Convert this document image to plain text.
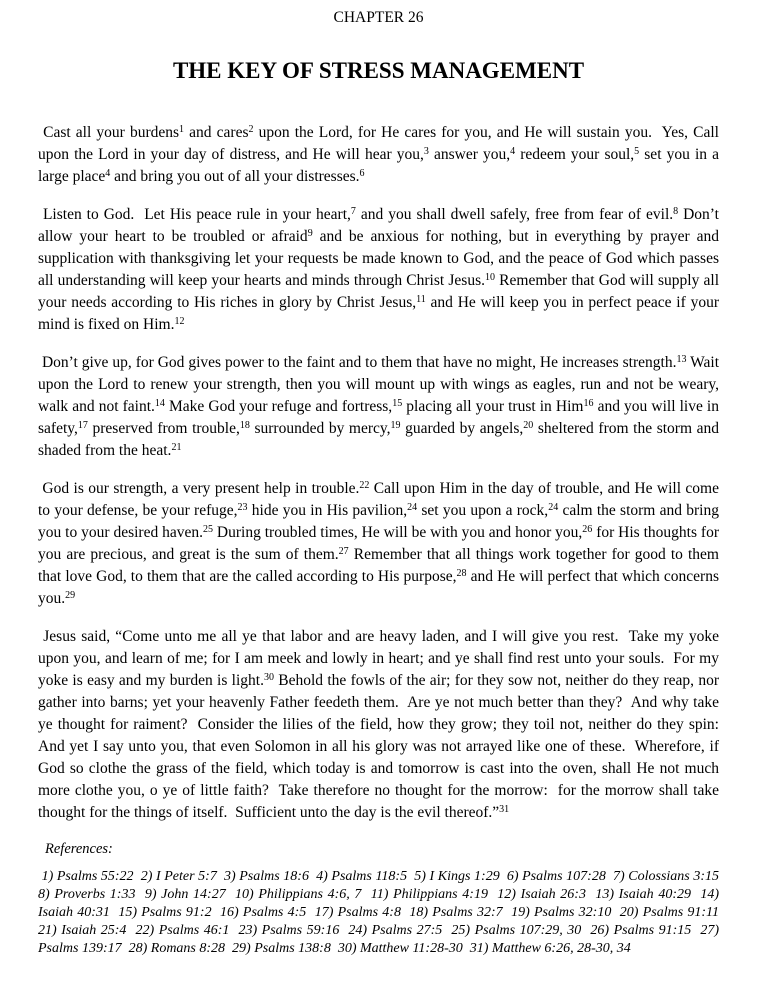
CHAPTER 26
THE KEY OF STRESS MANAGEMENT

Cast all your burdens$^1$ and cares$^2$ upon the Lord, for He cares for you, and He will sustain you.  Yes, Call upon the Lord in your day of distress, and He will hear you,$^3$ answer you,$^4$ redeem your soul,$^5$ set you in a large place$^4$ and bring you out of all your distresses.$^6$

Listen to God.  Let His peace rule in your heart,$^7$ and you shall dwell safely, free from fear of evil.$^8$ Don’t allow your heart to be troubled or afraid$^9$ and be anxious for nothing, but in everything by prayer and supplication with thanksgiving let your requests be made known to God, and the peace of God which passes all understanding will keep your hearts and minds through Christ Jesus.$^{10}$ Remember that God will supply all  your needs according to His riches in glory by Christ Jesus,$^{11}$ and He will keep you in perfect peace if your mind is fixed on Him.$^{12}$

Don’t give up, for God gives power to the faint and to them that have no might, He increases strength.$^{13}$ Wait upon the Lord to renew your strength, then you will mount up with wings as eagles, run and not be weary, walk and not faint.$^{14}$ Make God your refuge and fortress,$^{15}$ placing all your trust in Him$^{16}$ and you will live in safety,$^{17}$ preserved from trouble,$^{18}$ surrounded by mercy,$^{19}$ guarded by angels,$^{20}$ sheltered from the storm and shaded from the heat.$^{21}$

God is our strength, a very present help in trouble.$^{22}$ Call upon Him in the day of trouble, and He will come to your defense, be your refuge,$^{23}$ hide you in His pavilion,$^{24}$ set you upon a rock,$^{24}$ calm the storm and bring you to your desired haven.$^{25}$ During troubled times, He will be with you and honor you,$^{26}$ for His thoughts for you are precious, and great is the sum of them.$^{27}$ Remember that all things work together for good to them that love God, to them that are the called according to His purpose,$^{28}$ and He will perfect that which concerns you.$^{29}$

Jesus said, “Come unto me all ye that labor and are heavy laden, and I will give you rest.  Take my yoke upon you, and learn of me; for I am meek and lowly in heart; and ye shall find rest unto your souls.  For my yoke is easy and my burden is light.$^{30}$ Behold the fowls of the air; for they sow not, neither do they reap, nor gather into barns; yet your heavenly Father feedeth them.  Are ye not much better than they?  And why take ye thought for raiment?  Consider the lilies of the field, how they grow; they toil not, neither do they spin:  And yet I say unto you, that even Solomon in all his glory was not arrayed like one of these.  Wherefore, if God so clothe the grass of the field, which today is and tomorrow is cast into the oven, shall He not much more clothe you, o ye of little faith?  Take therefore no thought for the morrow:  for the morrow shall take thought for the things of itself.  Sufficient unto the day is the evil thereof.”$^{31}$

References:

1) Psalms 55:22  2) I Peter 5:7  3) Psalms 18:6  4) Psalms 118:5  5) I Kings 1:29  6) Psalms 107:28  7) Colossians 3:15  8) Proverbs 1:33  9) John 14:27  10) Philippians 4:6, 7  11) Philippians 4:19  12) Isaiah 26:3  13) Isaiah 40:29  14) Isaiah 40:31  15) Psalms 91:2  16) Psalms 4:5  17) Psalms 4:8  18) Psalms 32:7  19) Psalms 32:10  20) Psalms 91:11  21) Isaiah 25:4  22) Psalms 46:1  23) Psalms 59:16  24) Psalms 27:5  25) Psalms 107:29, 30  26) Psalms 91:15  27) Psalms 139:17  28) Romans 8:28  29) Psalms 138:8  30) Matthew 11:28-30  31) Matthew 6:26, 28-30, 34
